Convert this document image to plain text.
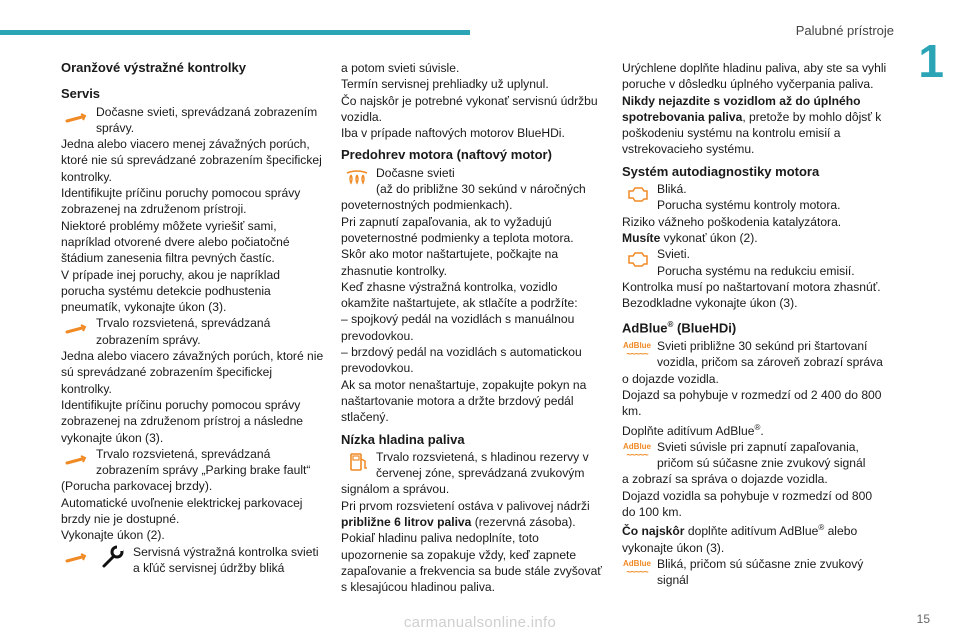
Palubné prístroje
1
Oranžové výstražné kontrolky
Servis
Dočasne svieti, sprevádzaná zobrazením
správy.
Jedna alebo viacero menej závažných porúch, ktoré nie sú sprevádzané zobrazením špecifickej kontrolky.
Identifikujte príčinu poruchy pomocou správy zobrazenej na združenom prístroji.
Niektoré problémy môžete vyriešiť sami, napríklad otvorené dvere alebo počiatočné štádium zanesenia filtra pevných častíc.
V prípade inej poruchy, akou je napríklad porucha systému detekcie podhustenia pneumatík, vykonajte úkon (3).
Trvalo rozsvietená, sprevádzaná
zobrazením správy.
Jedna alebo viacero závažných porúch, ktoré nie sú sprevádzané zobrazením špecifickej kontrolky.
Identifikujte príčinu poruchy pomocou správy zobrazenej na združenom prístroj a následne vykonajte úkon (3).
Trvalo rozsvietená, sprevádzaná
zobrazením správy „Parking brake fault“
(Porucha parkovacej brzdy).
Automatické uvoľnenie elektrickej parkovacej brzdy nie je dostupné.
Vykonajte úkon (2).
Servisná výstražná kontrolka svieti
a kľúč servisnej údržby bliká
a potom svieti súvisle.
Termín servisnej prehliadky už uplynul.
Čo najskôr je potrebné vykonať servisnú údržbu vozidla.
Iba v prípade naftových motorov BlueHDi.
Predohrev motora (naftový motor)
Dočasne svieti
(až do približne 30 sekúnd v náročných
poveternostných podmienkach).
Pri zapnutí zapaľovania, ak to vyžadujú poveternostné podmienky a teplota motora.
Skôr ako motor naštartujete, počkajte na zhasnutie kontrolky.
Keď zhasne výstražná kontrolka, vozidlo okamžite naštartujete, ak stlačíte a podržíte:
– spojkový pedál na vozidlách s manuálnou prevodovkou.
– brzdový pedál na vozidlách s automatickou prevodovkou.
Ak sa motor nenaštartuje, zopakujte pokyn na naštartovanie motora a držte brzdový pedál stlačený.
Nízka hladina paliva
Trvalo rozsvietená, s hladinou rezervy v
červenej zóne, sprevádzaná zvukovým
signálom a správou.
Pri prvom rozsvietení ostáva v palivovej nádrži približne 6 litrov paliva (rezervná zásoba).
Pokiaľ hladinu paliva nedoplníte, toto upozornenie sa zopakuje vždy, keď zapnete zapaľovanie a frekvencia sa bude stále zvyšovať s klesajúcou hladinou paliva.
Urýchlene doplňte hladinu paliva, aby ste sa vyhli poruche v dôsledku úplného vyčerpania paliva.
Nikdy nejazdite s vozidlom až do úplného spotrebovania paliva, pretože by mohlo dôjsť k poškodeniu systému na kontrolu emisií a vstrekovacieho systému.
Systém autodiagnostiky motora
Bliká.
Porucha systému kontroly motora.
Riziko vážneho poškodenia katalyzátora.
Musíte vykonať úkon (2).
Svieti.
Porucha systému na redukciu emisií.
Kontrolka musí po naštartovaní motora zhasnúť.
Bezodkladne vykonajte úkon (3).
AdBlue® (BlueHDi)
AdBlue
~~~~~
Svieti približne 30 sekúnd pri štartovaní
vozidla, pričom sa zároveň zobrazí správa
o dojazde vozidla.
Dojazd sa pohybuje v rozmedzí od 2 400 do 800 km.
Doplňte aditívum AdBlue®.
AdBlue
~~~~~
Svieti súvisle pri zapnutí zapaľovania,
pričom sú súčasne znie zvukový signál
a zobrazí sa správa o dojazde vozidla.
Dojazd vozidla sa pohybuje v rozmedzí od 800 do 100 km.
Čo najskôr doplňte aditívum AdBlue® alebo vykonajte úkon (3).
AdBlue
~~~~~
Bliká, pričom sú súčasne znie zvukový signál
carmanualsonline.info	15
